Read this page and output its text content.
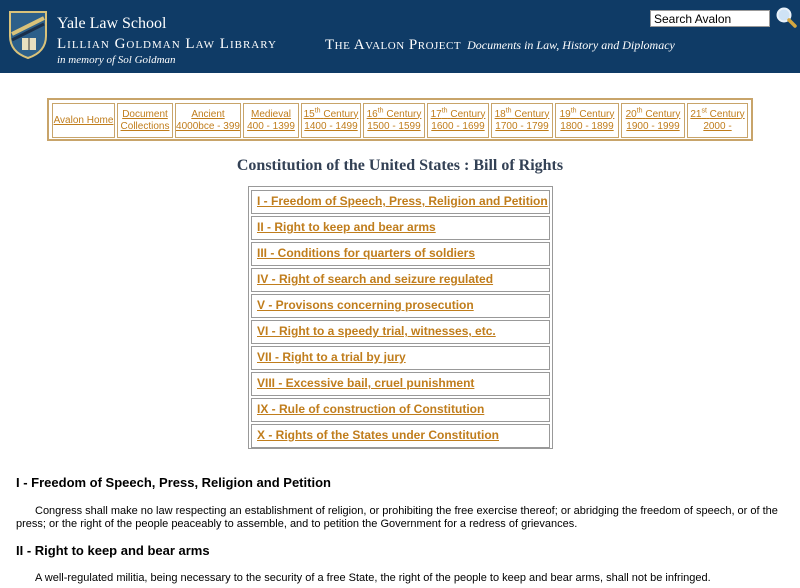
Yale Law School
Lillian Goldman Law Library
in memory of Sol Goldman
The Avalon Project Documents in Law, History and Diplomacy
Search Avalon
Avalon Home
Document
Collections
Ancient
4000bce - 399
Medieval
400 - 1399
15th Century
1400 - 1499
16th Century
1500 - 1599
17th Century
1600 - 1699
18th Century
1700 - 1799
19th Century
1800 - 1899
20th Century
1900 - 1999
21st Century
2000 -
Constitution of the United States : Bill of Rights
I - Freedom of Speech, Press, Religion and Petition
II - Right to keep and bear arms
III - Conditions for quarters of soldiers
IV - Right of search and seizure regulated
V - Provisons concerning prosecution
VI - Right to a speedy trial, witnesses, etc.
VII - Right to a trial by jury
VIII - Excessive bail, cruel punishment
IX - Rule of construction of Constitution
X - Rights of the States under Constitution
I - Freedom of Speech, Press, Religion and Petition
Congress shall make no law respecting an establishment of religion, or prohibiting the free exercise thereof; or abridging the freedom of speech, or of the press; or the right of the people peaceably to assemble, and to petition the Government for a redress of grievances.
II - Right to keep and bear arms
A well-regulated militia, being necessary to the security of a free State, the right of the people to keep and bear arms, shall not be infringed.
